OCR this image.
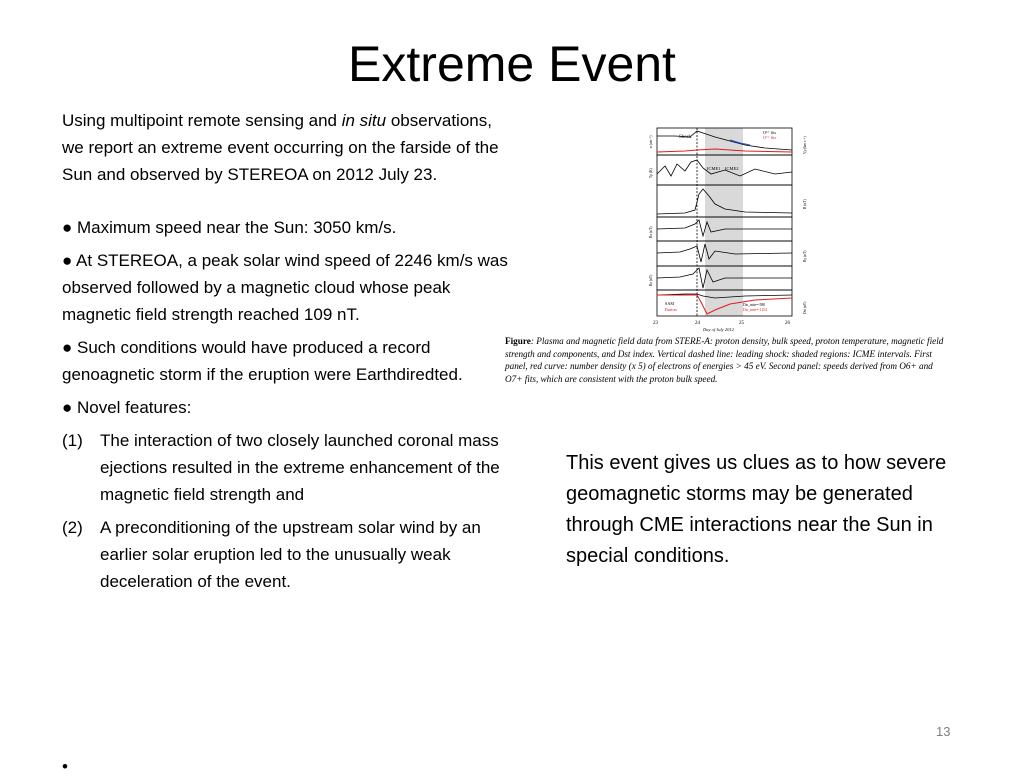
Extreme Event

Using multipoint remote sensing and in situ observations, we report an extreme event occurring on the farside of the Sun and observed by STEREOA on 2012 July 23.

● Maximum speed near the Sun: 3050 km/s.

● At STEREOA, a peak solar wind speed of 2246 km/s was observed followed by a magnetic cloud whose peak magnetic field strength reached 109 nT.

● Such conditions would have produced a record genoagnetic storm if the eruption were Earthdiredted.

● Novel features:

(1)	The interaction of two closely launched coronal mass ejections resulted in the extreme enhancement of the magnetic field strength and
(2)	A preconditioning of the upstream solar wind by an earlier solar eruption led to the unusually weak deceleration of the event.
•
Shock
O⁶⁺ fits
O⁷⁺ fits
ICME1 ICME2
SAM
Burton
Dst_min=-580
Dst_min=-1154
23	24	25	26
Day of July 2012
n (cm⁻³)	Vp (km s⁻¹)
Tp (K)
B (nT)
Bx (nT)
By (nT)
Bz (nT)
Dst (nT)
Figure: Plasma and magnetic field data from STERE-A: proton density, bulk speed, proton temperature, magnetic field strength and components, and Dst index. Vertical dashed line: leading shock: shaded regions: ICME intervals. First panel, red curve: number density (x 5) of electrons of energies > 45 eV. Second panel: speeds derived from O6+ and O7+ fits, which are consistent with the proton bulk speed.
This event gives us clues as to how severe geomagnetic storms may be generated through CME interactions near the Sun in special conditions.
13
